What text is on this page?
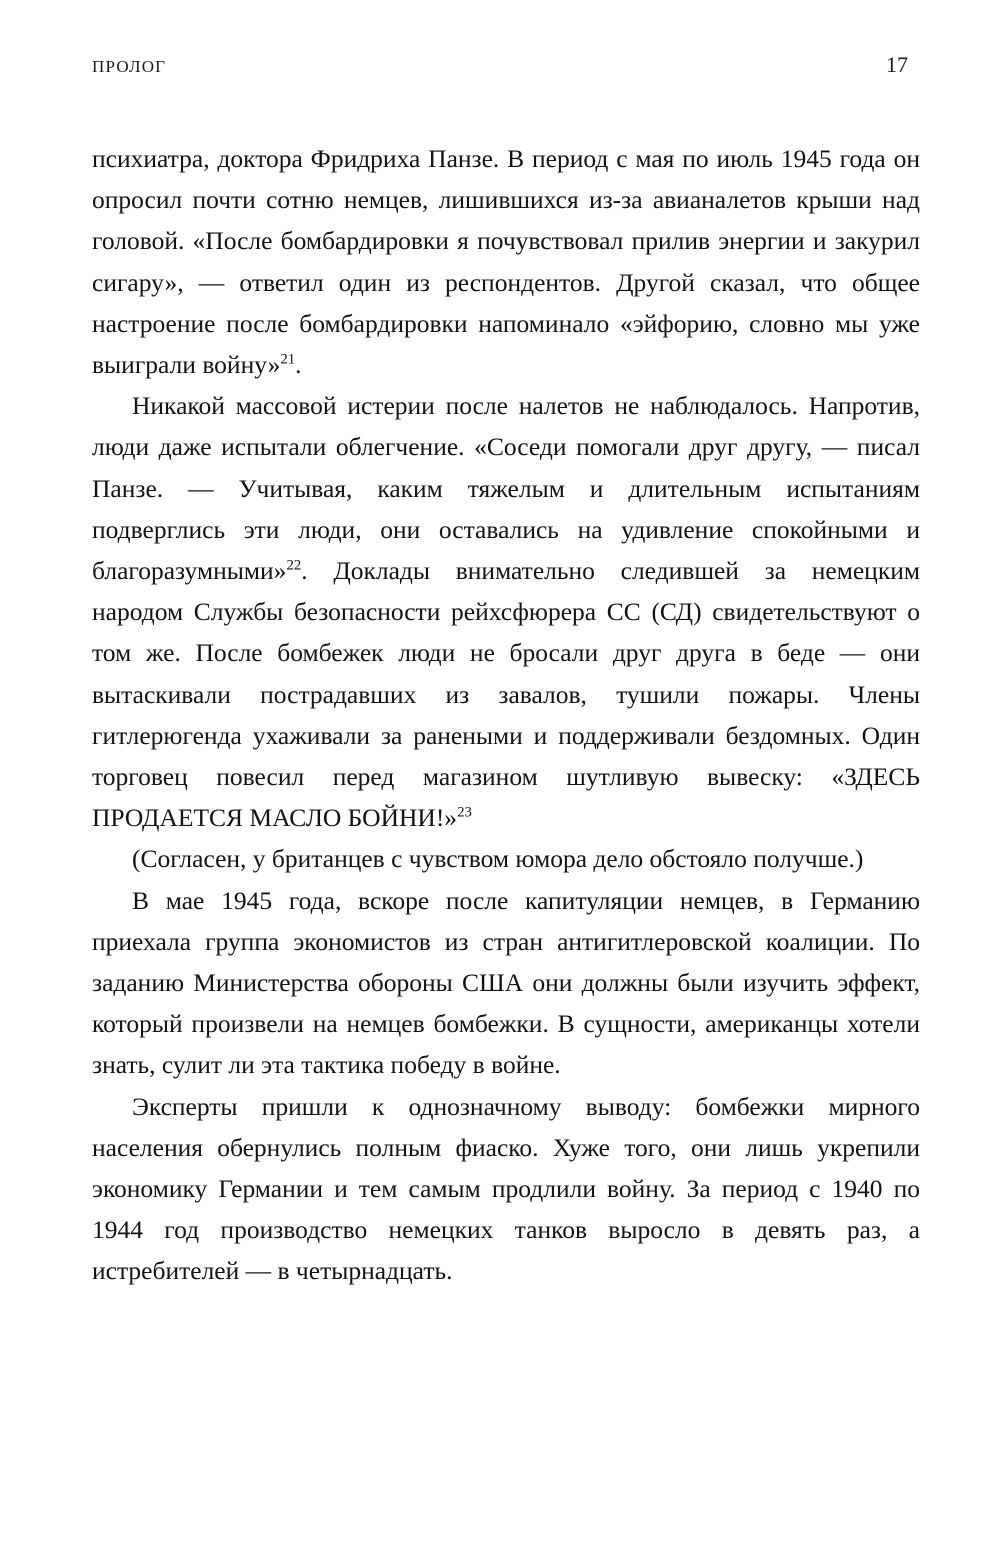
ПРОЛОГ	17

психиатра, доктора Фридриха Панзе. В период с мая по июль 1945 года он опросил почти сотню немцев, лишившихся из-за авианалетов крыши над головой. «После бомбардировки я почувствовал прилив энергии и закурил сигару», — ответил один из респондентов. Другой сказал, что общее настроение после бомбардировки напоминало «эйфорию, словно мы уже выиграли войну»$^{21}$.

Никакой массовой истерии после налетов не наблюдалось. Напротив, люди даже испытали облегчение. «Соседи помогали друг другу, — писал Панзе. — Учитывая, каким тяжелым и длительным испытаниям подверглись эти люди, они оставались на удивление спокойными и благоразумными»$^{22}$. Доклады внимательно следившей за немецким народом Службы безопасности рейхсфюрера СС (СД) свидетельствуют о том же. После бомбежек люди не бросали друг друга в беде — они вытаскивали пострадавших из завалов, тушили пожары. Члены гитлерюгенда ухаживали за ранеными и поддерживали бездомных. Один торговец повесил перед магазином шутливую вывеску: «ЗДЕСЬ ПРОДАЕТСЯ МАСЛО БОЙНИ!»$^{23}$

(Согласен, у британцев с чувством юмора дело обстояло получше.)

В мае 1945 года, вскоре после капитуляции немцев, в Германию приехала группа экономистов из стран антигитлеровской коалиции. По заданию Министерства обороны США они должны были изучить эффект, который произвели на немцев бомбежки. В сущности, американцы хотели знать, сулит ли эта тактика победу в войне.

Эксперты пришли к однозначному выводу: бомбежки мирного населения обернулись полным фиаско. Хуже того, они лишь укрепили экономику Германии и тем самым продлили войну. За период с 1940 по 1944 год производство немецких танков выросло в девять раз, а истребителей — в четырнадцать.
